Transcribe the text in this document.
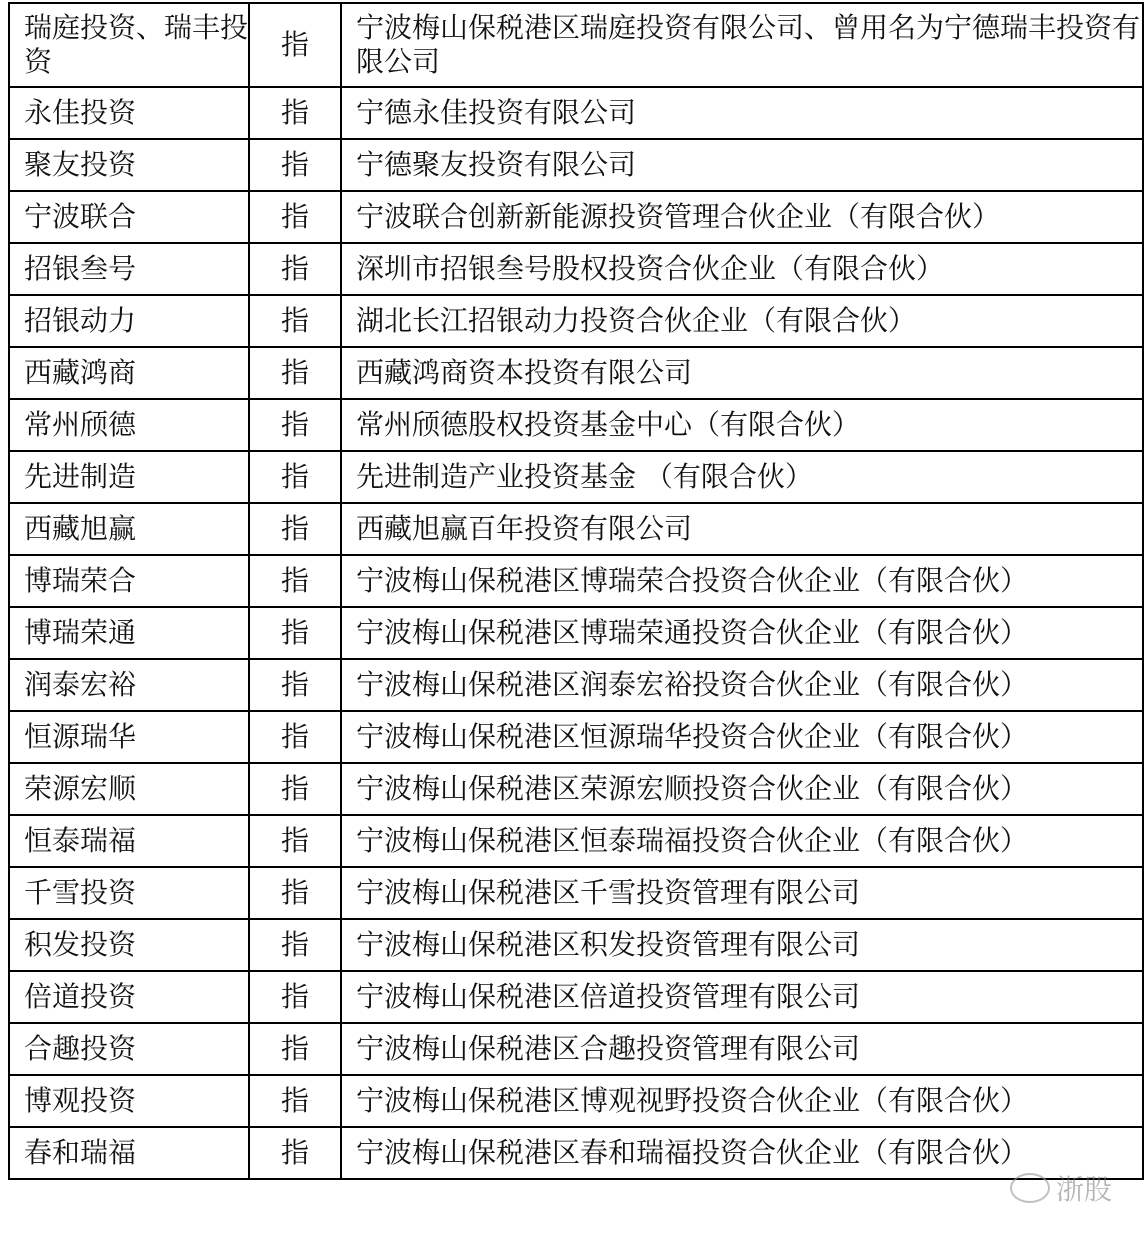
瑞庭投资、瑞丰投资	指	宁波梅山保税港区瑞庭投资有限公司、曾用名为宁德瑞丰投资有限公司
永佳投资	指	宁德永佳投资有限公司
聚友投资	指	宁德聚友投资有限公司
宁波联合	指	宁波联合创新新能源投资管理合伙企业（有限合伙）
招银叁号	指	深圳市招银叁号股权投资合伙企业（有限合伙）
招银动力	指	湖北长江招银动力投资合伙企业（有限合伙）
西藏鸿商	指	西藏鸿商资本投资有限公司
常州颀德	指	常州颀德股权投资基金中心（有限合伙）
先进制造	指	先进制造产业投资基金 （有限合伙）
西藏旭赢	指	西藏旭赢百年投资有限公司
博瑞荣合	指	宁波梅山保税港区博瑞荣合投资合伙企业（有限合伙）
博瑞荣通	指	宁波梅山保税港区博瑞荣通投资合伙企业（有限合伙）
润泰宏裕	指	宁波梅山保税港区润泰宏裕投资合伙企业（有限合伙）
恒源瑞华	指	宁波梅山保税港区恒源瑞华投资合伙企业（有限合伙）
荣源宏顺	指	宁波梅山保税港区荣源宏顺投资合伙企业（有限合伙）
恒泰瑞福	指	宁波梅山保税港区恒泰瑞福投资合伙企业（有限合伙）
千雪投资	指	宁波梅山保税港区千雪投资管理有限公司
积发投资	指	宁波梅山保税港区积发投资管理有限公司
倍道投资	指	宁波梅山保税港区倍道投资管理有限公司
合趣投资	指	宁波梅山保税港区合趣投资管理有限公司
博观投资	指	宁波梅山保税港区博观视野投资合伙企业（有限合伙）
春和瑞福	指	宁波梅山保税港区春和瑞福投资合伙企业（有限合伙）
浙股
